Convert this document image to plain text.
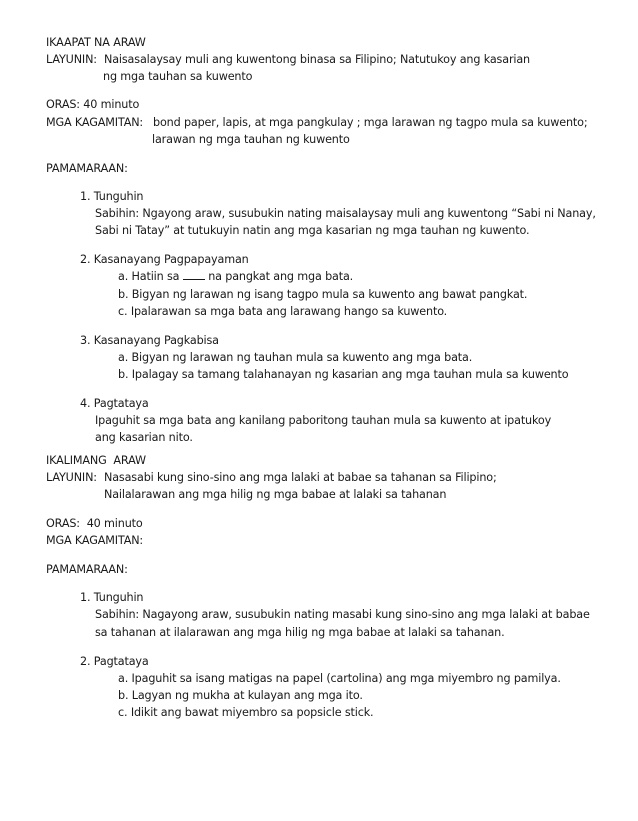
IKAAPAT NA ARAW
LAYUNIN: Naisasalaysay muli ang kuwentong binasa sa Filipino; Natutukoy ang kasarian
ng mga tauhan sa kuwento
ORAS: 40 minuto
MGA KAGAMITAN: bond paper, lapis, at mga pangkulay ; mga larawan ng tagpo mula sa kuwento;
larawan ng mga tauhan ng kuwento
PAMAMARAAN:
1. Tunguhin
Sabihin: Ngayong araw, susubukin nating maisalaysay muli ang kuwentong “Sabi ni Nanay,
Sabi ni Tatay” at tutukuyin natin ang mga kasarian ng mga tauhan ng kuwento.
2. Kasanayang Pagpapayaman
a. Hatiin sa	na pangkat ang mga bata.
b. Bigyan ng larawan ng isang tagpo mula sa kuwento ang bawat pangkat.
c. Ipalarawan sa mga bata ang larawang hango sa kuwento.
3. Kasanayang Pagkabisa
a. Bigyan ng larawan ng tauhan mula sa kuwento ang mga bata.
b. Ipalagay sa tamang talahanayan ng kasarian ang mga tauhan mula sa kuwento
4. Pagtataya
Ipaguhit sa mga bata ang kanilang paboritong tauhan mula sa kuwento at ipatukoy
ang kasarian nito.
IKALIMANG  ARAW
LAYUNIN: Nasasabi kung sino-sino ang mga lalaki at babae sa tahanan sa Filipino;
Nailalarawan ang mga hilig ng mga babae at lalaki sa tahanan
ORAS:  40 minuto
MGA KAGAMITAN:
PAMAMARAAN:
1. Tunguhin
Sabihin: Nagayong araw, susubukin nating masabi kung sino-sino ang mga lalaki at babae
sa tahanan at ilalarawan ang mga hilig ng mga babae at lalaki sa tahanan.
2. Pagtataya
a. Ipaguhit sa isang matigas na papel (cartolina) ang mga miyembro ng pamilya.
b. Lagyan ng mukha at kulayan ang mga ito.
c. Idikit ang bawat miyembro sa popsicle stick.
